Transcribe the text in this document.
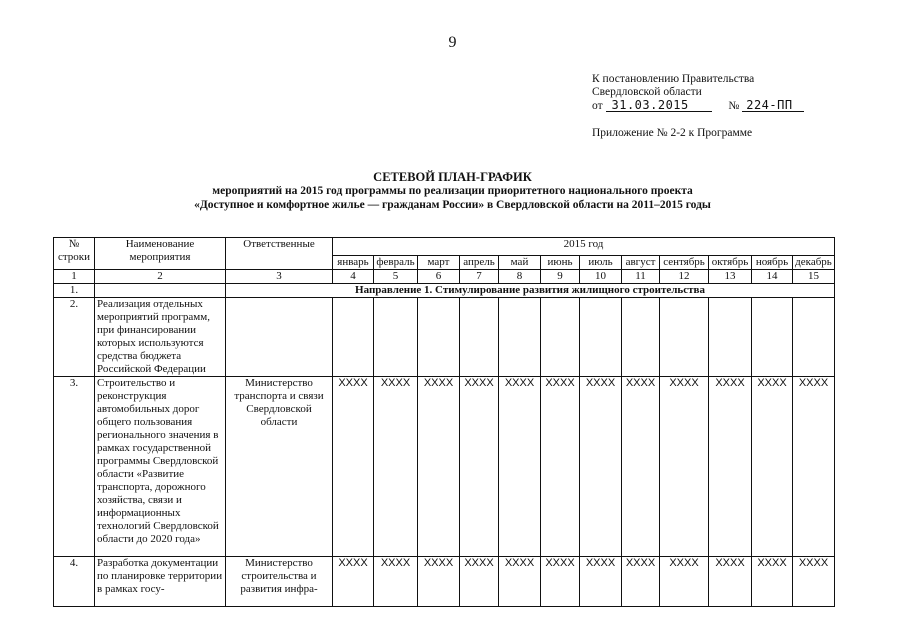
9
К постановлению Правительства
Свердловской области
от 31.03.2015	№ 224-ПП
Приложение № 2-2 к Программе
СЕТЕВОЙ ПЛАН-ГРАФИК
мероприятий на 2015 год программы по реализации приоритетного национального проекта
«Доступное и комфортное жилье — гражданам России» в Свердловской области на 2011–2015 годы
№ строки	Наименование мероприятия	Ответственные	2015 год											
			январь	февраль	март	апрель	май	июнь	июль	август	сентябрь	октябрь	ноябрь	декабрь
1	2	3	4	5	6	7	8	9	10	11	12	13	14	15
1.		Направление 1. Стимулирование развития жилищного строительства												
2.	Реализация отдельных мероприятий программ, при финансировании которых используются средства бюджета Российской Федерации													
3.	Строительство и реконструкция автомобильных дорог общего пользования регионального значения в рамках государственной программы Свердловской области «Развитие транспорта, дорожного хозяйства, связи и информационных технологий Свердловской области до 2020 года»	Министерство транспорта и связи Свердловской области	XXXX	XXXX	XXXX	XXXX	XXXX	XXXX	XXXX	XXXX	XXXX	XXXX	XXXX	XXXX
4.	Разработка документации по планировке территории в рамках госу-	Министерство строительства и развития инфра-	XXXX	XXXX	XXXX	XXXX	XXXX	XXXX	XXXX	XXXX	XXXX	XXXX	XXXX	XXXX
